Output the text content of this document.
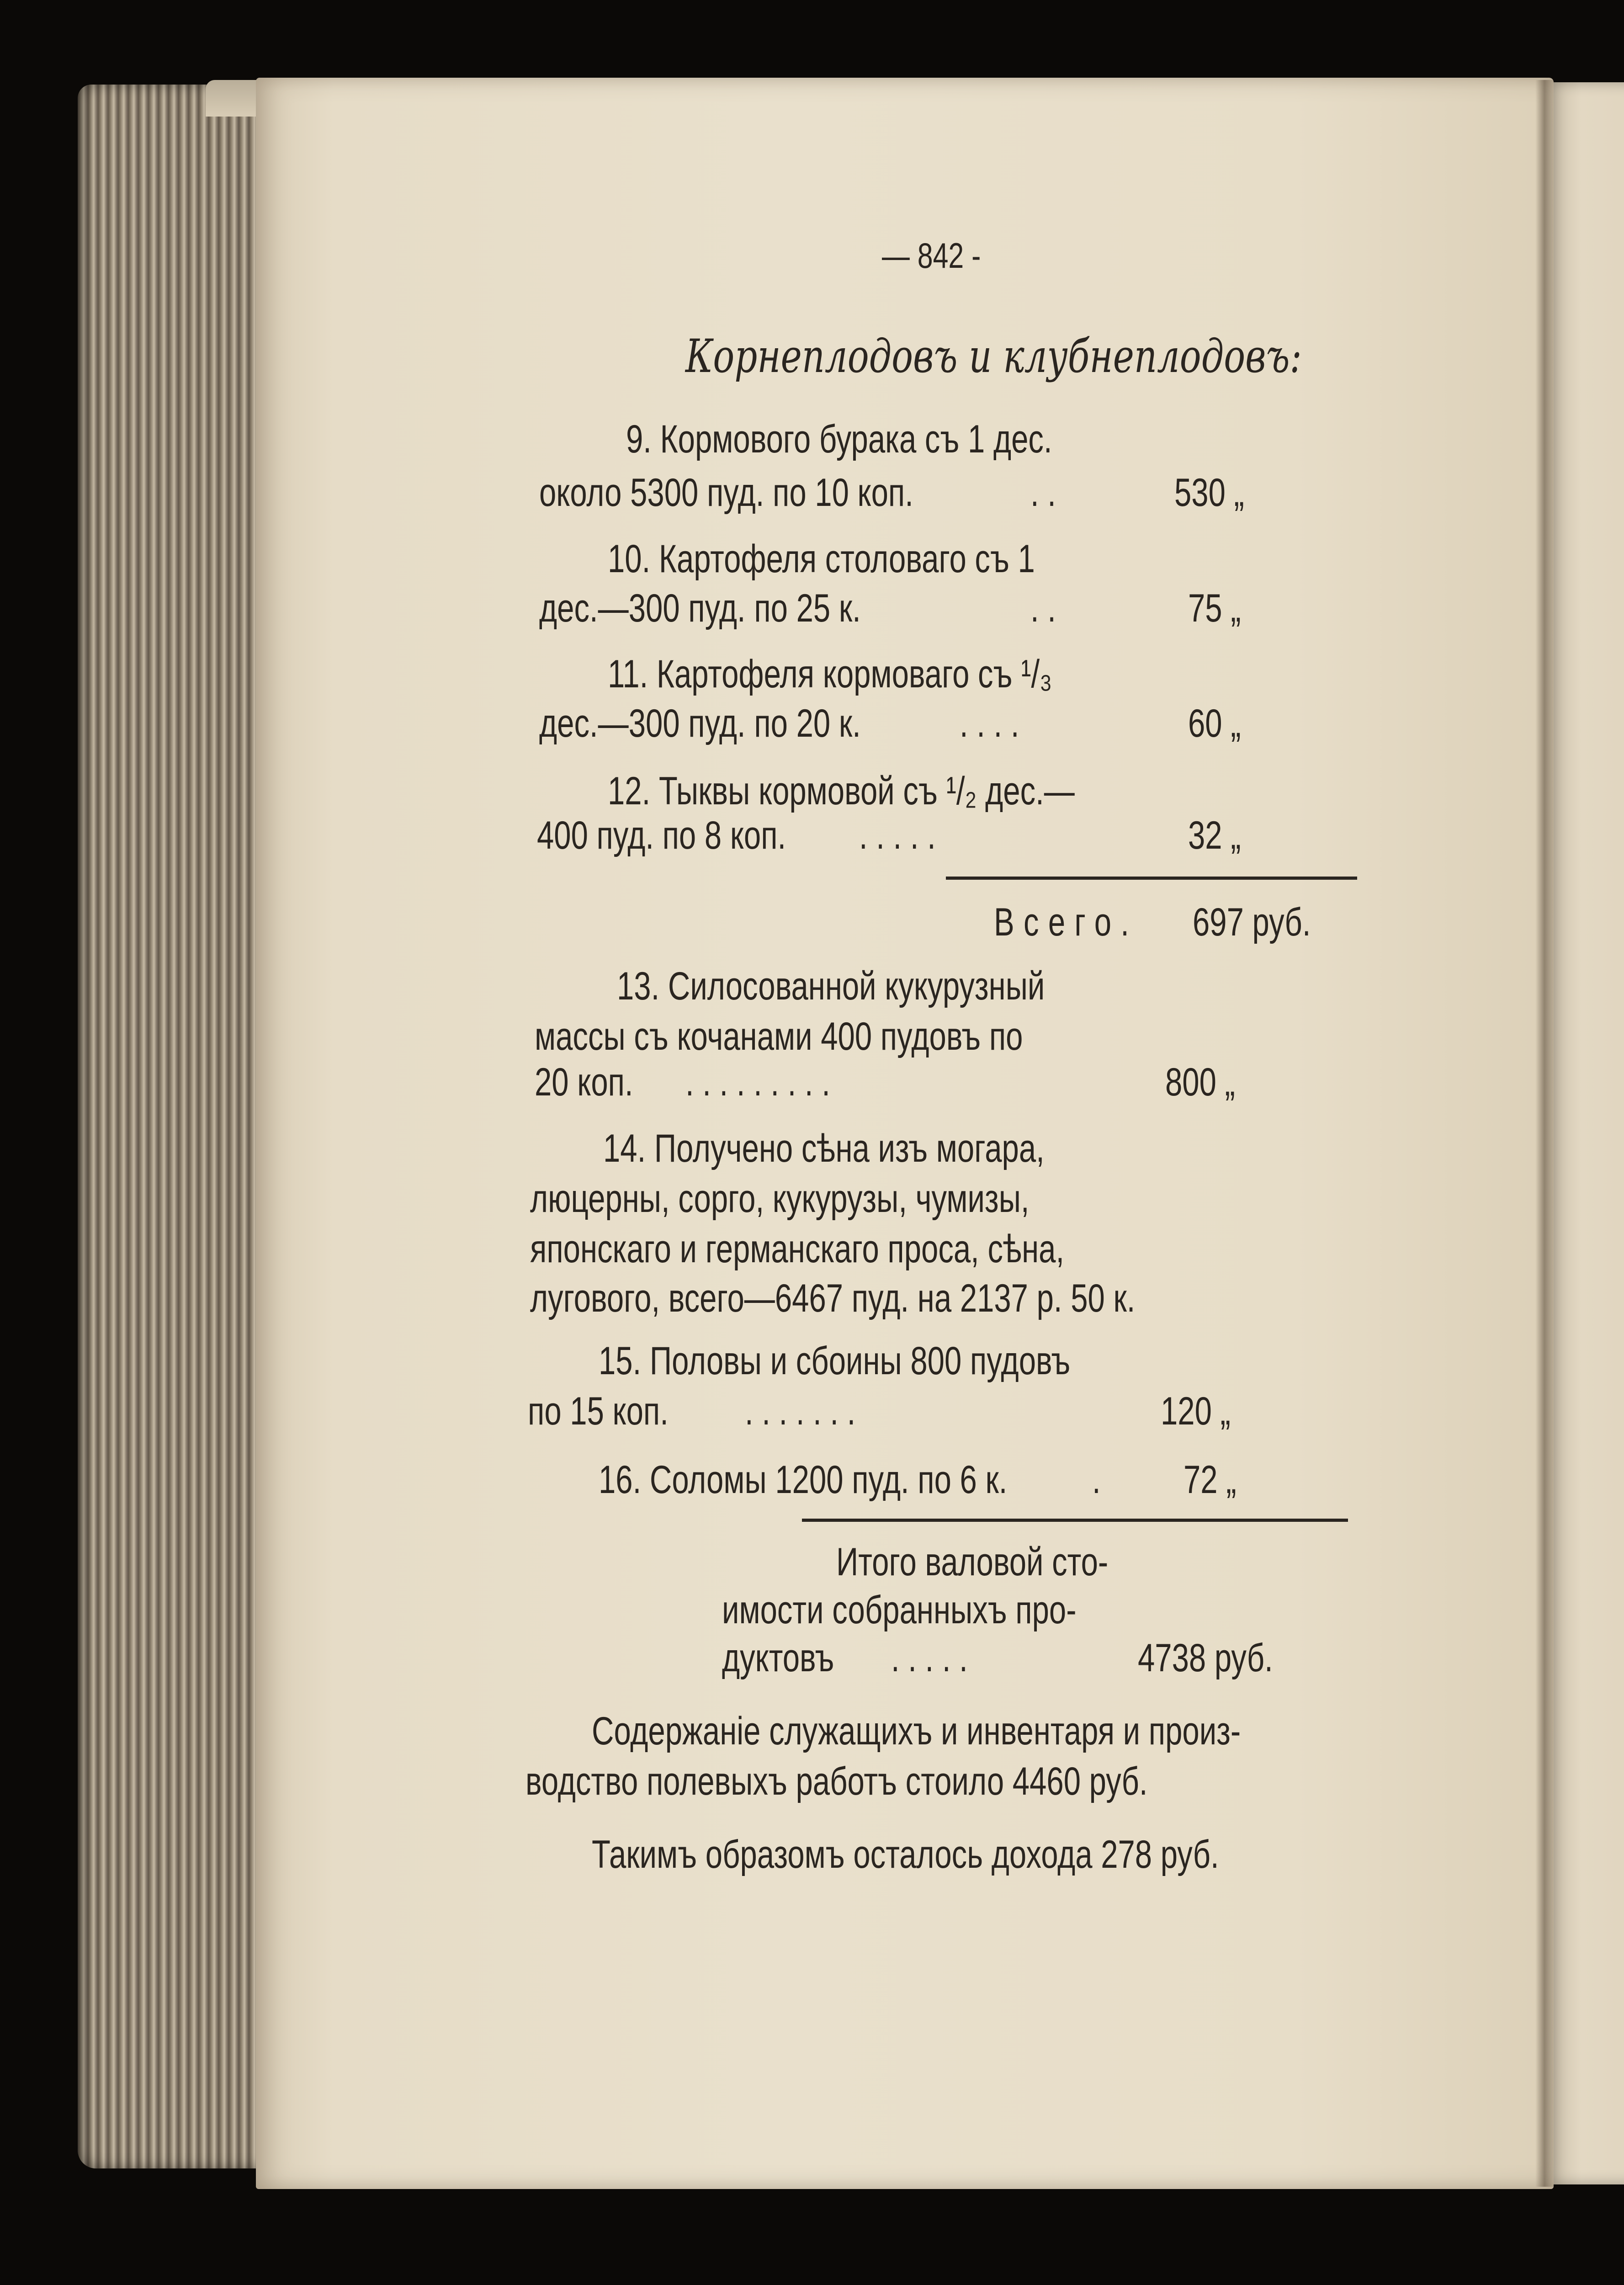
— 842 -
Корнеплодовъ и клубнеплодовъ:
9. Кормового бурака съ 1 дес.
около 5300 пуд. по 10 коп.	. .	530 „
10. Картофеля столоваго съ 1
дес.—300 пуд. по 25 к.	. .	75 „
11. Картофеля кормоваго съ ¹/₃
дес.—300 пуд. по 20 к.	. . . .	60 „
12. Тыквы кормовой съ ¹/₂ дес.—
400 пуд. по 8 коп. . . . . .	32 „
Всего. 697 руб.
13. Силосованной кукурузный
массы съ кочанами 400 пудовъ по
20 коп. . . . . . . . . .	800 „
14. Получено сѣна изъ могара,
люцерны, сорго, кукурузы, чумизы,
японскаго и германскаго проса, сѣна,
лугового, всего—6467 пуд. на 2137 р. 50 к.
15. Половы и сбоины 800 пудовъ
по 15 коп. . . . . . . .	120 „
16. Соломы 1200 пуд. по 6 к. . 72 „
Итого валовой сто-
имости собранныхъ про-
дуктовъ . . . . .	4738 руб.
Содержаніе служащихъ и инвентаря и произ-
водство полевыхъ работъ стоило 4460 руб.
Такимъ образомъ осталось дохода 278 руб.
